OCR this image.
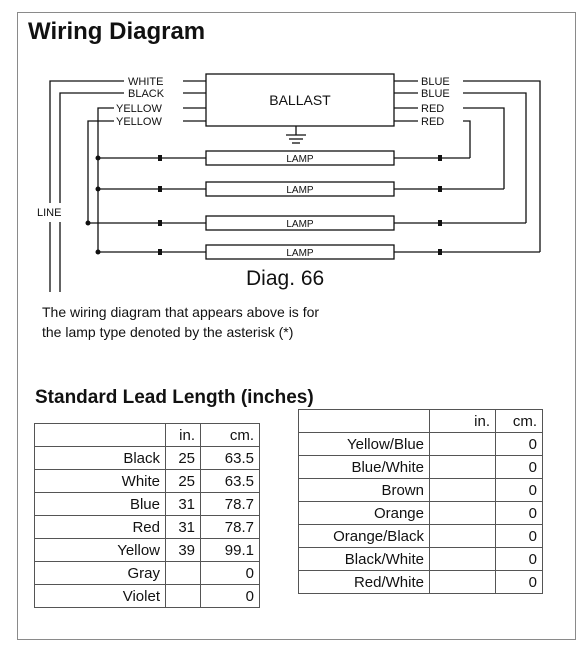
Wiring Diagram
WHITE
BLACK
YELLOW
YELLOW
BLUE
BLUE
RED
RED
LINE
BALLAST
LAMP
LAMP
LAMP
LAMP
Diag. 66
The wiring diagram that appears above is for
the lamp type denoted by the asterisk (*)
	in.	cm.
Black	25	63.5
White	25	63.5
Blue	31	78.7
Red	31	78.7
Yellow	39	99.1
Gray		0
Violet		0
	in.	cm.
Yellow/Blue		0
Blue/White		0
Brown		0
Orange		0
Orange/Black		0
Black/White		0
Red/White		0
Standard Lead Length (inches)
